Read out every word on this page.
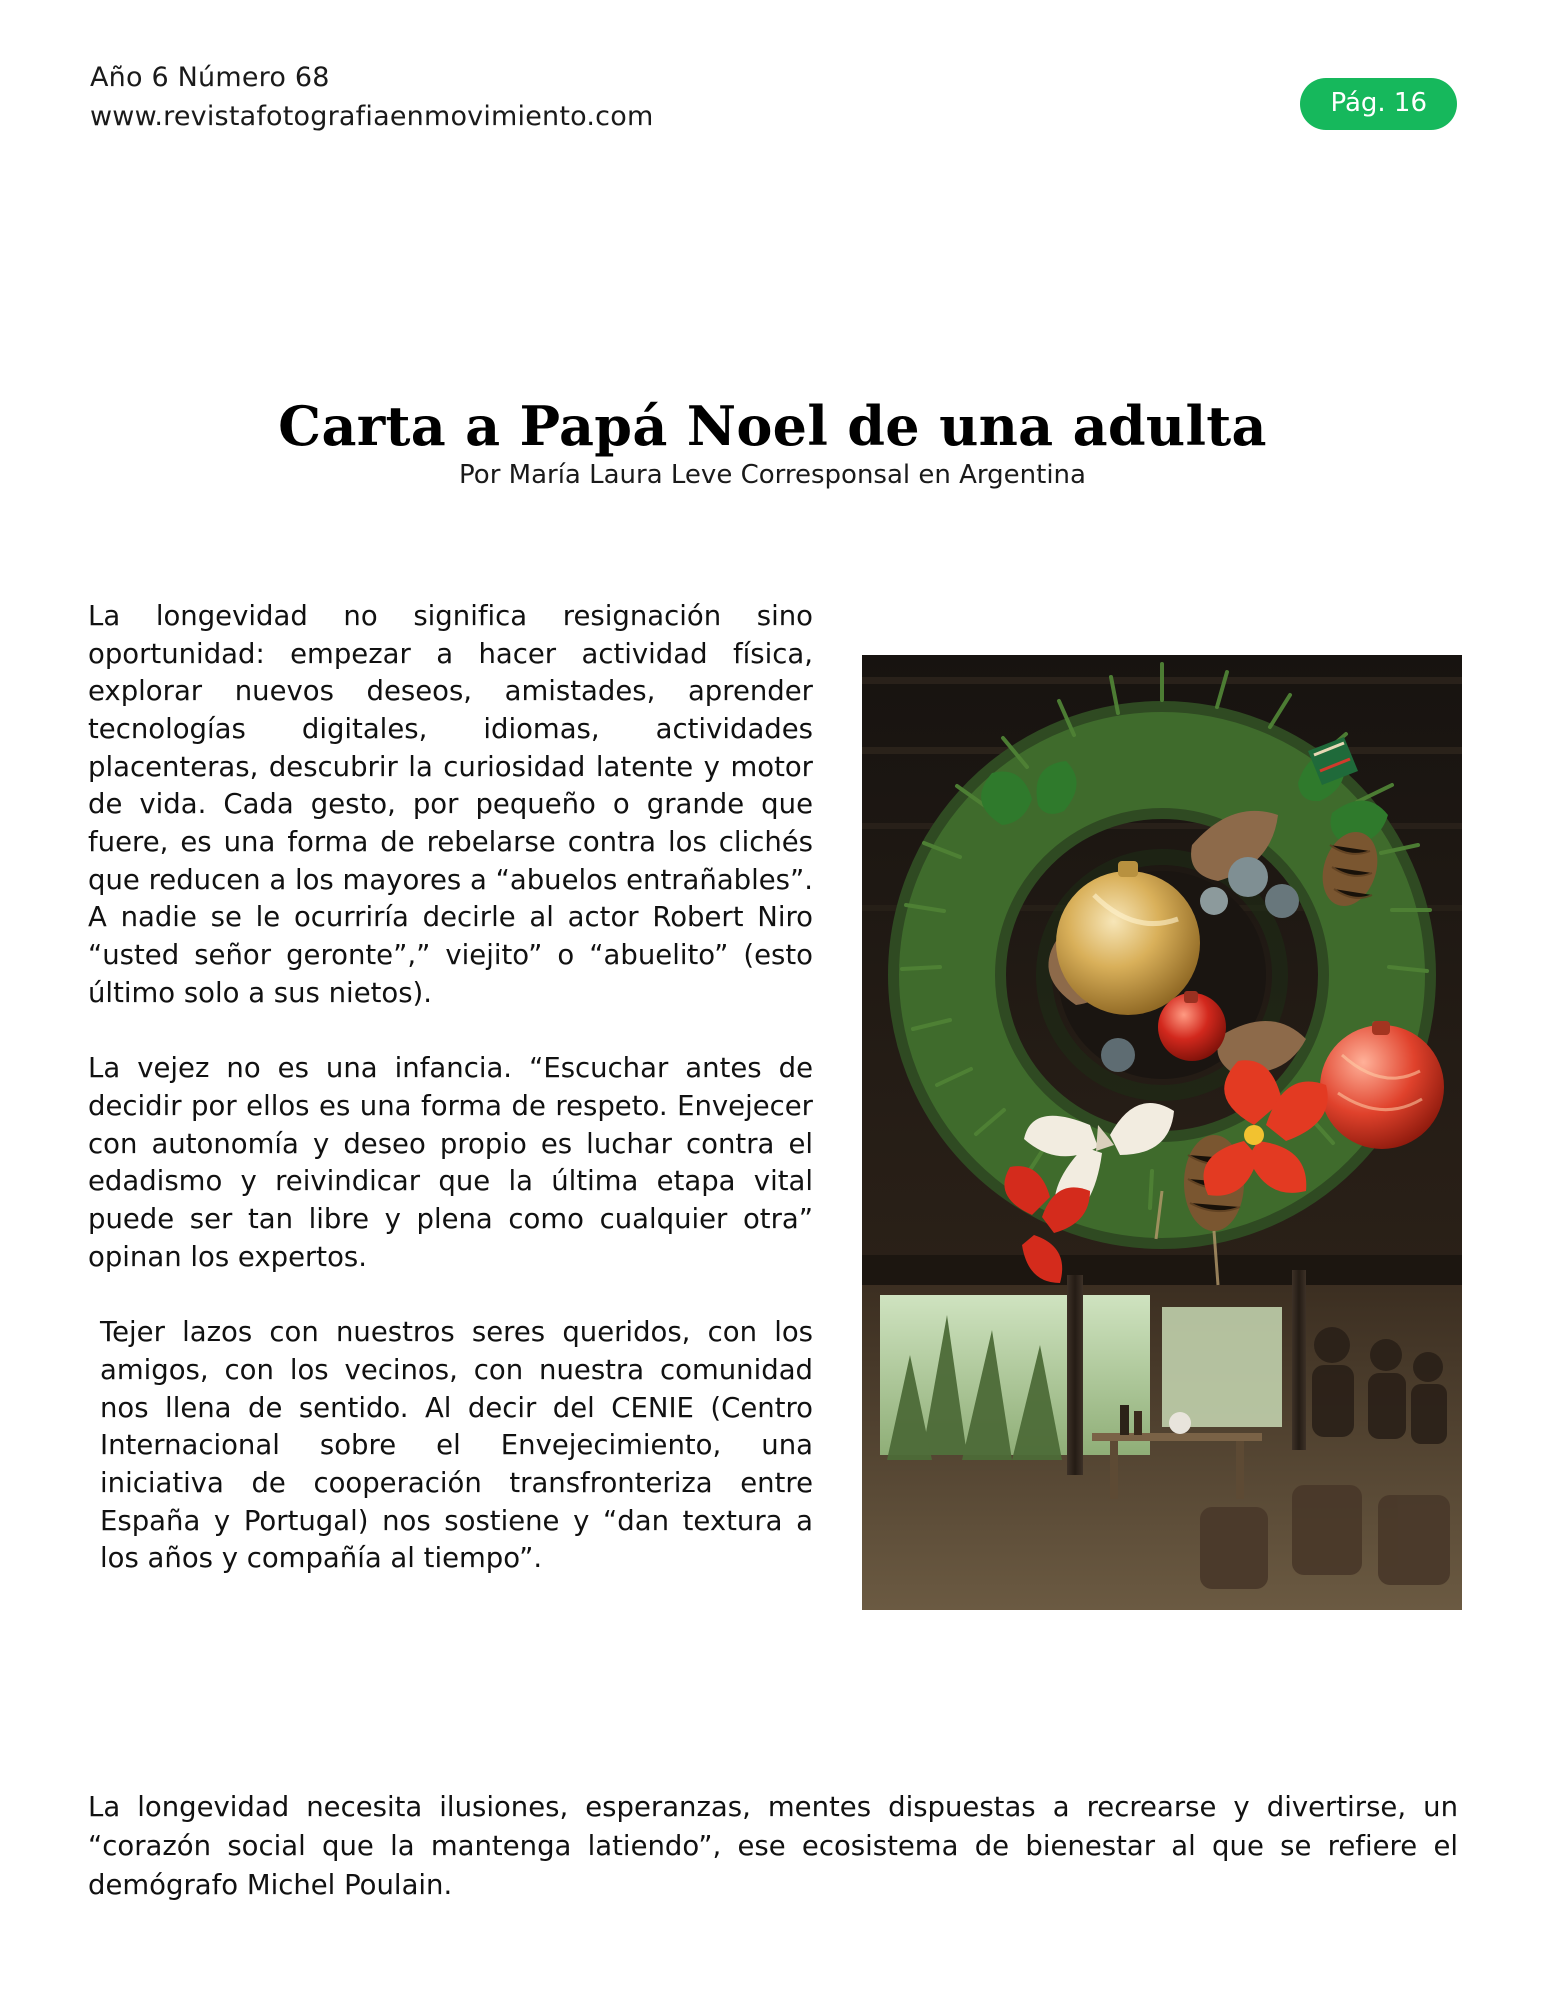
Año 6 Número 68
www.revistafotografiaenmovimiento.com	Pág. 16
Carta a Papá Noel de una adulta
Por María Laura Leve Corresponsal en Argentina

La longevidad no significa resignación sino oportunidad: empezar a hacer actividad física, explorar nuevos deseos, amistades, aprender tecnologías digitales, idiomas, actividades placenteras, descubrir la curiosidad latente y motor de vida. Cada gesto, por pequeño o grande que fuere, es una forma de rebelarse contra los clichés que reducen a los mayores a “abuelos entrañables”. A nadie se le ocurriría decirle al actor Robert Niro “usted señor geronte”,” viejito” o “abuelito” (esto último solo a sus nietos).

La vejez no es una infancia. “Escuchar antes de decidir por ellos es una forma de respeto. Envejecer con autonomía y deseo propio es luchar contra el edadismo y reivindicar que la última etapa vital puede ser tan libre y plena como cualquier otra” opinan los expertos.

Tejer lazos con nuestros seres queridos, con los amigos, con los vecinos, con nuestra comunidad nos llena de sentido. Al decir del CENIE (Centro Internacional sobre el Envejecimiento, una iniciativa de cooperación transfronteriza entre España y Portugal) nos sostiene y “dan textura a los años y compañía al tiempo”.

La longevidad necesita ilusiones, esperanzas, mentes dispuestas a recrearse y divertirse, un “corazón social que la mantenga latiendo”, ese ecosistema de bienestar al que se refiere el demógrafo Michel Poulain.
